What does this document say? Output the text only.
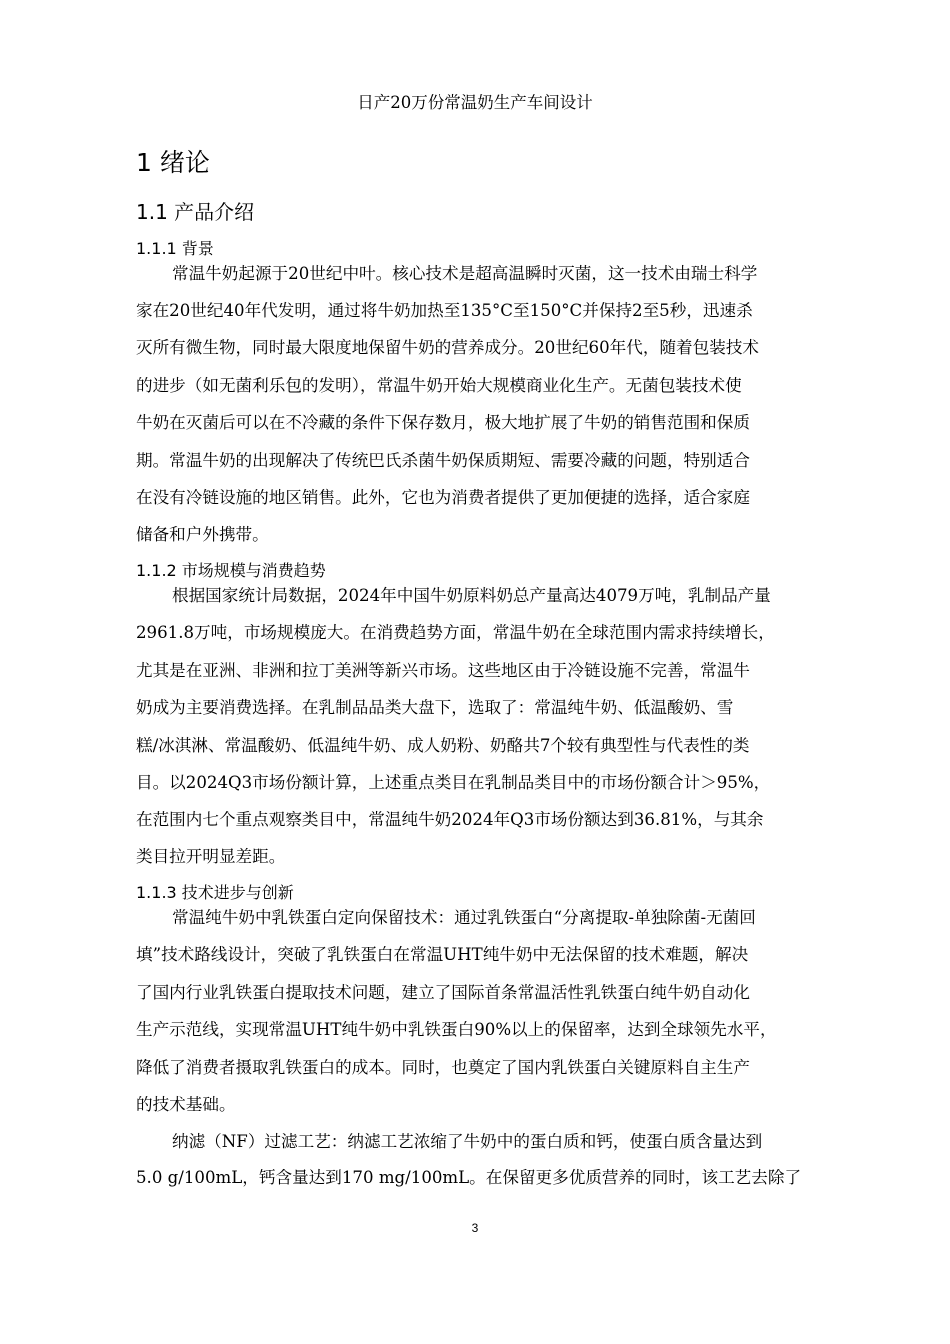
日产20万份常温奶生产车间设计
1 绪论
1.1 产品介绍
1.1.1 背景
常温牛奶起源于20世纪中叶。核心技术是超高温瞬时灭菌，这一技术由瑞士科学
家在20世纪40年代发明，通过将牛奶加热至135°C至150°C并保持2至5秒，迅速杀
灭所有微生物，同时最大限度地保留牛奶的营养成分。20世纪60年代，随着包装技术
的进步（如无菌利乐包的发明），常温牛奶开始大规模商业化生产。无菌包装技术使
牛奶在灭菌后可以在不冷藏的条件下保存数月，极大地扩展了牛奶的销售范围和保质
期。常温牛奶的出现解决了传统巴氏杀菌牛奶保质期短、需要冷藏的问题，特别适合
在没有冷链设施的地区销售。此外，它也为消费者提供了更加便捷的选择，适合家庭
储备和户外携带。
1.1.2 市场规模与消费趋势
根据国家统计局数据，2024年中国牛奶原料奶总产量高达4079万吨，乳制品产量
2961.8万吨，市场规模庞大。在消费趋势方面，常温牛奶在全球范围内需求持续增长，
尤其是在亚洲、非洲和拉丁美洲等新兴市场。这些地区由于冷链设施不完善，常温牛
奶成为主要消费选择。在乳制品品类大盘下，选取了：常温纯牛奶、低温酸奶、雪
糕/冰淇淋、常温酸奶、低温纯牛奶、成人奶粉、奶酪共7个较有典型性与代表性的类
目。以2024Q3市场份额计算，上述重点类目在乳制品类目中的市场份额合计＞95%，
在范围内七个重点观察类目中，常温纯牛奶2024年Q3市场份额达到36.81%，与其余
类目拉开明显差距。
1.1.3 技术进步与创新
常温纯牛奶中乳铁蛋白定向保留技术：通过乳铁蛋白“分离提取-单独除菌-无菌回
填”技术路线设计，突破了乳铁蛋白在常温UHT纯牛奶中无法保留的技术难题，解决
了国内行业乳铁蛋白提取技术问题，建立了国际首条常温活性乳铁蛋白纯牛奶自动化
生产示范线，实现常温UHT纯牛奶中乳铁蛋白90%以上的保留率，达到全球领先水平，
降低了消费者摄取乳铁蛋白的成本。同时，也奠定了国内乳铁蛋白关键原料自主生产
的技术基础。
纳滤（NF）过滤工艺：纳滤工艺浓缩了牛奶中的蛋白质和钙，使蛋白质含量达到
5.0 g/100mL，钙含量达到170 mg/100mL。在保留更多优质营养的同时，该工艺去除了
3
